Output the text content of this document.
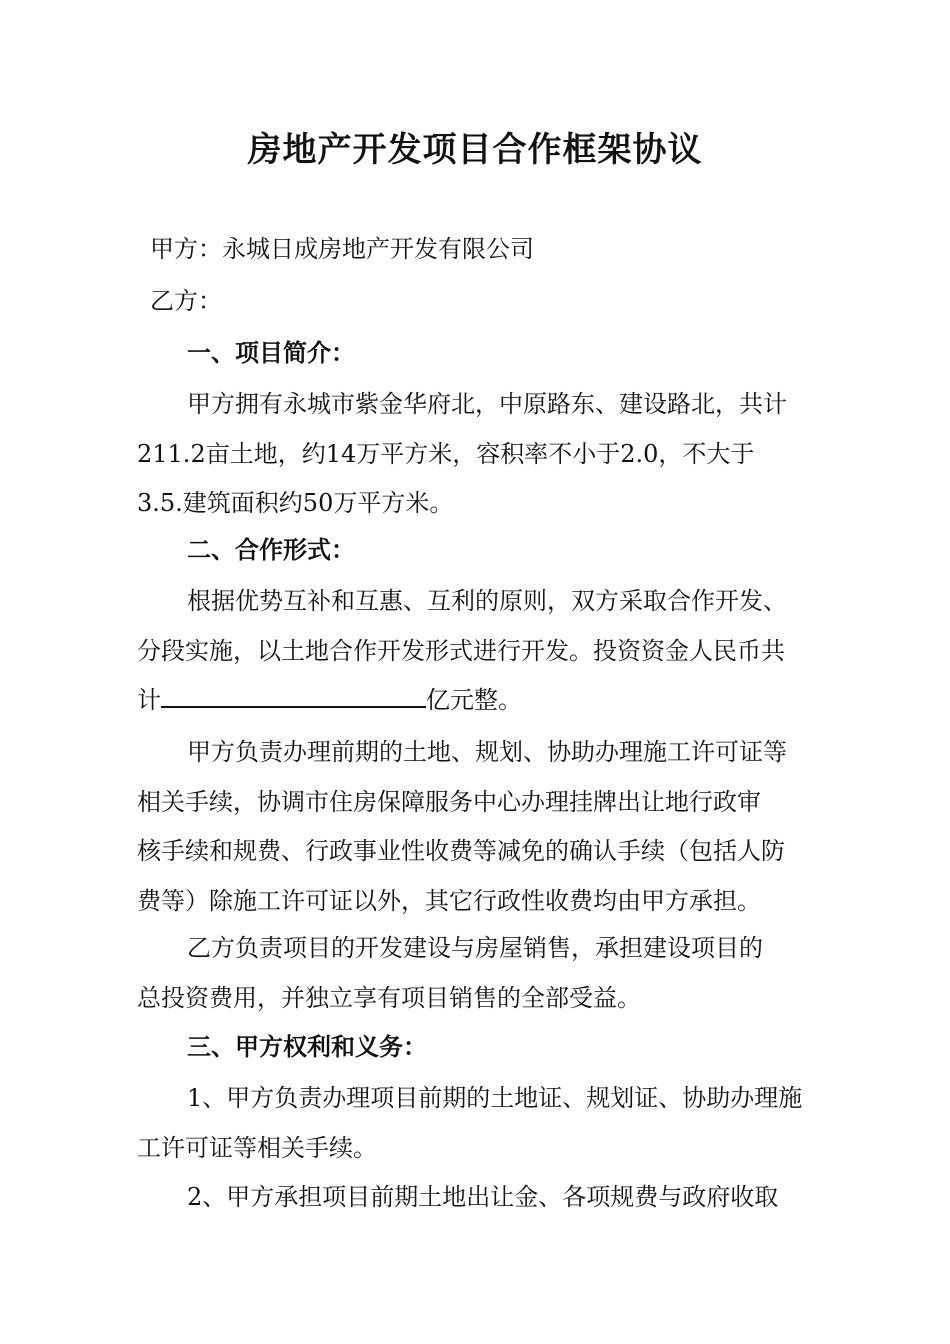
房地产开发项目合作框架协议
甲方：永城日成房地产开发有限公司
乙方：
一、项目简介：
甲方拥有永城市紫金华府北，中原路东、建设路北，共计
211.2亩土地，约14万平方米，容积率不小于2.0，不大于
3.5.建筑面积约50万平方米。
二、合作形式：
根据优势互补和互惠、互利的原则，双方采取合作开发、
分段实施，以土地合作开发形式进行开发。投资资金人民币共
计	亿元整。
甲方负责办理前期的土地、规划、协助办理施工许可证等
相关手续，协调市住房保障服务中心办理挂牌出让地行政审
核手续和规费、行政事业性收费等减免的确认手续（包括人防
费等）除施工许可证以外，其它行政性收费均由甲方承担。
乙方负责项目的开发建设与房屋销售，承担建设项目的
总投资费用，并独立享有项目销售的全部受益。
三、甲方权利和义务：
1、甲方负责办理项目前期的土地证、规划证、协助办理施
工许可证等相关手续。
2、甲方承担项目前期土地出让金、各项规费与政府收取
